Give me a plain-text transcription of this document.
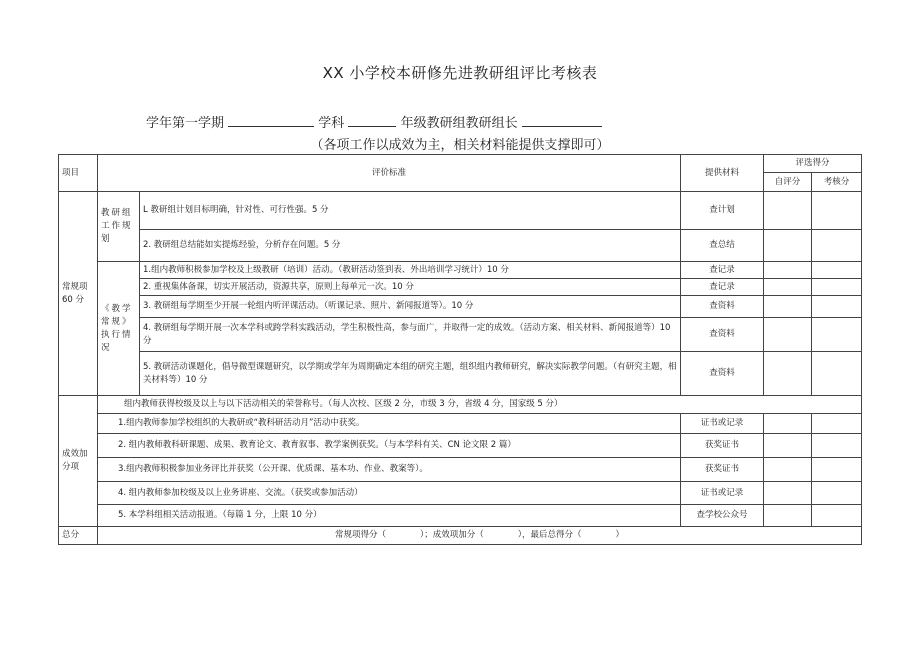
XX 小学校本研修先进教研组评比考核表
学年第一学期	学科	年级教研组教研组长
（各项工作以成效为主，相关材料能提供支撑即可）
项目	评价标准		提供材料	评选得分	
				自评分	考核分
常规项
60 分	教研组工作规划	L 教研组计划目标明确，针对性、可行性强。5 分	查计划		
		2. 教研组总结能如实提炼经验，分析存在问题。5 分	查总结		
	《教学常规》执行情况	1.组内教师积极参加学校及上级教研（培训）活动。（教研活动签到表、外出培训学习统计）10 分	查记录		
		2. 重视集体备课，切实开展活动，资源共享，原则上每单元一次。10 分	查记录		
		3. 教研组每学期至少开展一轮组内听评课活动。（听课记录、照片、新闻报道等）。10 分	查资料		
		4. 教研组每学期开展一次本学科或跨学科实践活动，学生积极性高，参与面广，并取得一定的成效。（活动方案、相关材料、新闻报道等）10 分	查资料		
		5. 教研活动课题化，倡导微型课题研究，以学期或学年为周期确定本组的研究主题，组织组内教师研究，解决实际教学问题。（有研究主题，相关材料等）10 分	查资料		
成效加
分项	组内教师获得校级及以上与以下活动相关的荣誉称号。（每人次校、区级 2 分，市级 3 分，省级 4 分，国家级 5 分）				
	1.组内教师参加学校组织的大教研或“教科研活动月”活动中获奖。		证书或记录		
	2. 组内教师教科研课题、成果、教育论文、教育叙事、教学案例获奖。（与本学科有关、CN 论文限 2 篇）		获奖证书		
	3.组内教师积极参加业务评比并获奖（公开课、优质课、基本功、作业、教案等）。		获奖证书		
	4. 组内教师参加校级及以上业务讲座、交流。（获奖或参加活动）		证书或记录		
	5. 本学科组相关活动报道。（每篇 1 分，上限 10 分）		查学校公众号		
总分	常规项得分（　　　　）；成效项加分（　　　　），最后总得分（　　　　）				
